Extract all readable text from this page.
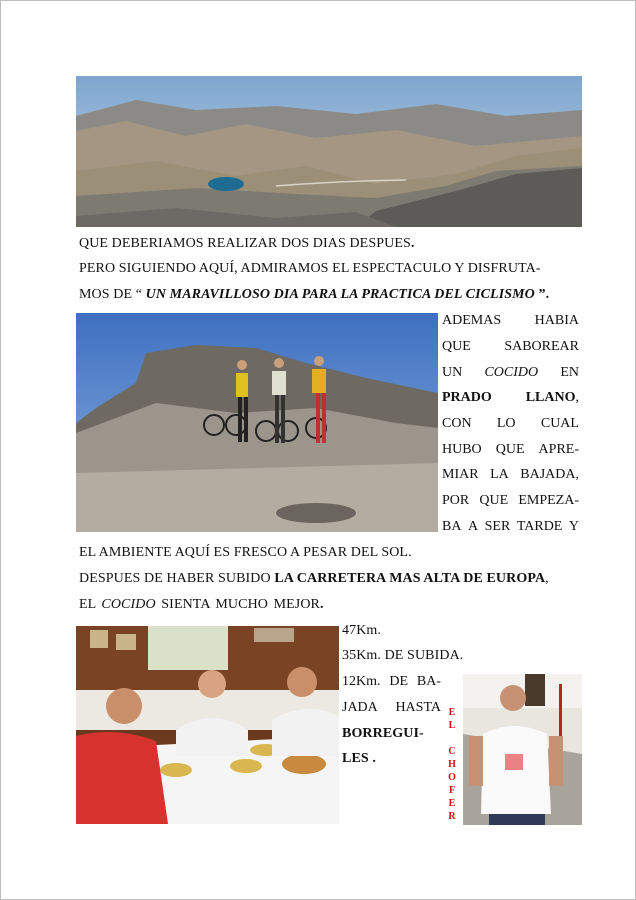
QUE DEBERIAMOS REALIZAR DOS DIAS DESPUES.
PERO SIGUIENDO AQUÍ, ADMIRAMOS EL ESPECTACULO Y DISFRUTA-
MOS DE “ UN MARAVILLOSO DIA PARA LA PRACTICA DEL CICLISMO ”.
ADEMAS HABIA
QUE SABOREAR
UN COCIDO EN
PRADO LLANO,
CON LO CUAL
HUBO QUE APRE-
MIAR LA BAJADA,
POR QUE EMPEZA-
BA A SER TARDE Y
EL AMBIENTE AQUÍ ES FRESCO A PESAR DEL SOL.
DESPUES DE HABER SUBIDO LA CARRETERA MAS ALTA DE EUROPA,
EL COCIDO SIENTA MUCHO MEJOR.
47Km.
35Km. DE SUBIDA.
12Km. DE BA-
JADA HASTA
BORREGUI-
LES .
E
L
C
H
O
F
E
R
